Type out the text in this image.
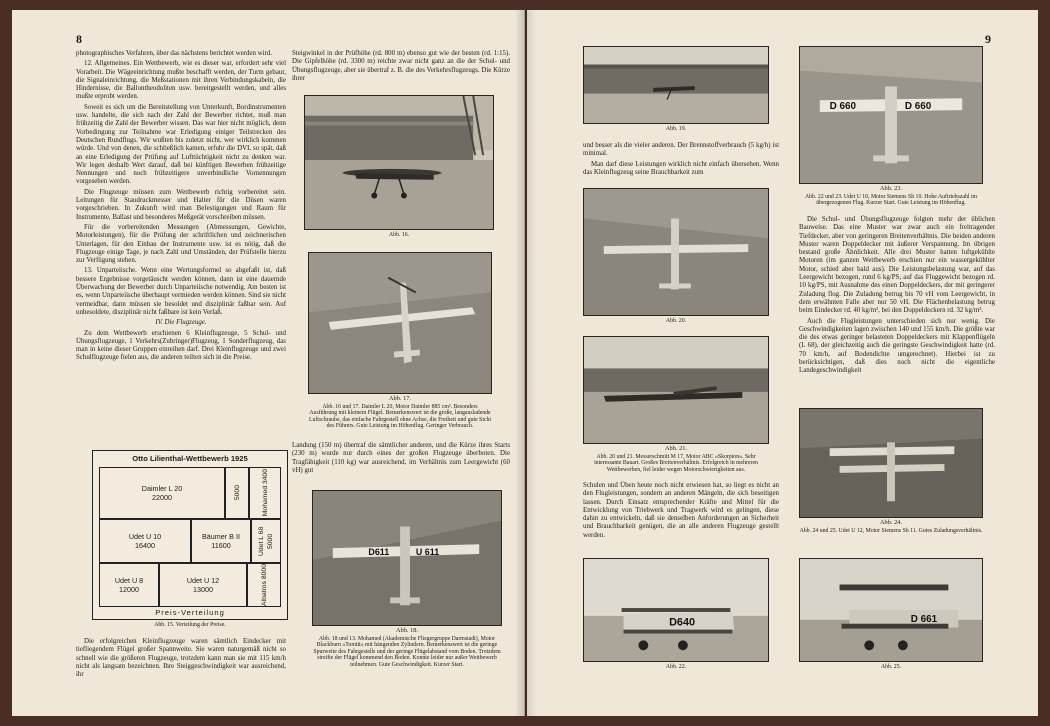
8

photographisches Verfahren, über das nächstens berichtet werden wird.

12. Allgemeines. Ein Wettbewerb, wie es dieser war, erfordert sehr viel Vorarbeit. Die Wägeeinrichtung mußte beschafft werden, der Turm gebaut, die Signaleinrichtung, die Meßstationen mit ihren Verbindungskabeln, die Hindernisse, die Ballontheodoliten usw. bereitgestellt werden, und alles mußte erprobt werden.

Soweit es sich um die Bereitstellung von Unterkunft, Bordinstrumenten usw. handelte, die sich nach der Zahl der Bewerber richtet, muß man frühzeitig die Zahl der Bewerber wissen. Das war hier nicht möglich, denn Vorbedingung zur Teilnahme war Erledigung einiger Teilstrecken des Deutschen Rundflugs. Wir wußten bis zuletzt nicht, wer wirklich kommen würde. Und von denen, die schließlich kamen, erfuhr die DVL so spät, daß an eine Erledigung der Prüfung auf Lufttüchtigkeit nicht zu denken war. Wir legen deshalb Wert darauf, daß bei künftigen Bewerben frühzeitige Nennungen und noch frühzeitigere unverbindliche Vornennungen vorgesehen werden.

Die Flugzeuge müssen zum Wettbewerb richtig vorbereitet sein. Leitungen für Staudruckmesser und Halter für die Düsen waren vorgeschrieben. In Zukunft wird man Befestigungen und Raum für Instrumente, Ballast und besonderes Meßgerät vorschreiben müssen.

Für die vorbereitenden Messungen (Abmessungen, Gewichte, Motorleistungen), für die Prüfung der schriftlichen und zeichnerischen Unterlagen, für den Einbau der Instrumente usw. ist es nötig, daß die Flugzeuge einige Tage, je nach Zahl und Umständen, der Prüfstelle hierzu zur Verfügung stehen.

13. Unparteiische. Wenn eine Wertungsformel so abgefaßt ist, daß bessere Ergebnisse vorgetäuscht werden können, dann ist eine dauernde Überwachung der Bewerber durch Unparteiische notwendig. Am besten ist es, wenn Unparteiische überhaupt vermieden werden können. Sind sie nicht vermeidbar, dann müssen sie besoldet und disziplinär faßbar sein. Auf unbesoldete, disziplinär nicht faßbare ist kein Verlaß.

IV. Die Flugzeuge.

Zu dem Wettbewerb erschienen 6 Kleinflugzeuge, 5 Schul- und Übungsflugzeuge, 1 Verkehrs(Zubringer)Flugzeug, 1 Sonderflugzeug, das man in keine dieser Gruppen einreihen darf. Drei Kleinflugzeuge und zwei Schulflugzeuge fielen aus, die anderen teilten sich in die Preise.

Otto Lilienthal-Wettbewerb 1925
Daimler L 20
22000	5000	Mohamed 3400
Udet U 10
16400
Bäumer B II
11600	Udet L 68 5000
Udet U 8
12000
Udet U 12
13000	Albatros 8000
Preis-Verteilung
Abb. 15. Verteilung der Preise.

Die erfolgreichen Kleinflugzeuge waren sämtlich Eindecker mit tiefliegendem Flügel großer Spannweite. Sie waren naturgemäß nicht so schnell wie die größeren Flugzeuge, trotzdem kann man sie mit 115 km/h nicht als langsam bezeichnen. Ihre Steiggeschwindigkeit war ausreichend, ihr

Steigwinkel in der Prüfhöhe (rd. 800 m) ebenso gut wie der besten (rd. 1:15). Die Gipfelhöhe (rd. 3300 m) reichte zwar nicht ganz an die der Schul- und Übungsflugzeuge, aber sie übertraf z. B. die des Verkehrsflugzeugs. Die Kürze ihrer

Abb. 16.
Abb. 17.
Abb. 16 und 17. Daimler L 20, Motor Daimler 885 cm³. Besonders Ausführung mit kleinem Flügel. Bemerkenswert ist die große, langausladende Luftschraube, das einfache Fahrgestell ohne Achse, die Freiheit und gute Sicht des Führers. Gute Leistung im Höhenflug. Geringer Verbrauch.

Landung (150 m) übertraf die sämtlicher anderen, und die Kürze ihres Starts (230 m) wurde nur durch eines der großen Flugzeuge überboten. Die Tragfähigkeit (110 kg) war ausreichend, im Verhältnis zum Leergewicht (60 vH) gut

D611	U 611
Abb. 18.
Abb. 18 und 13. Mohamed (Akademische Fliegergruppe Darmstadt), Motor Blackburn »Tomtit« mit hängenden Zylindern. Bemerkenswert ist die geringe Spurweite des Fahrgestells und der geringe Flügelabstand vom Boden. Trotzdem streifte der Flügel kommend den Boden. Konnte leider nur außer Wettbewerb teilnehmen. Gute Geschwindigkeit. Kurzer Start.
9
Abb. 19.

und besser als die vieler anderen. Der Brennstoffverbrauch (5 kg/h) ist minimal.

Man darf diese Leistungen wirklich nicht einfach übersehen. Wenn das Kleinflugzeug seine Brauchbarkeit zum

Abb. 20.
Abb. 21.
Abb. 20 und 21. Messerschmitt M 17, Motor ABC »Skorpion«. Sehr interessante Bauart. Großes Breitenverhältnis. Erfolgreich in mehreren Wettbewerben, fiel leider wegen Motorschwierigkeiten aus.

Schulen und Üben heute noch nicht erwiesen hat, so liegt es nicht an den Flugleistungen, sondern an anderen Mängeln, die sich beseitigen lassen. Durch Einsatz entsprechender Kräfte und Mittel für die Entwicklung von Triebwerk und Tragwerk wird es gelingen, diese dahin zu entwickeln, daß sie denselben Anforderungen an Sicherheit und Brauchbarkeit genügen, die an alle anderen Flugzeuge gestellt werden.

D640
Abb. 22.
D 660	D 660
Abb. 23.
Abb. 22 und 23. Udet U 10, Motor Siemens Sh 10. Hohe Auftriebszahl im übergezogenen Flug. Kurzer Start. Gute Leistung im Höhenflug.

Die Schul- und Übungsflugzeuge folgten mehr der üblichen Bauweise. Das eine Muster war zwar auch ein freitragender Tiefdecker, aber von geringeren Breitenverhältnis. Die beiden anderen Muster waren Doppeldecker mit äußerer Verspannung. Im übrigen bestand große Ähnlichkeit. Alle drei Muster hatten luftgekühlte Motoren (im ganzen Wettbewerb erschien nur ein wassergekühlter Motor, schied aber bald aus). Die Leistungsbelastung war, auf das Leergewicht bezogen, rund 6 kg/PS, auf das Fluggewicht bezogen rd. 10 kg/PS, mit Ausnahme des einen Doppeldeckers, der mit geringerer Zuladung flog. Die Zuladung betrug bis 70 vH vom Leergewicht, in dem erwähnten Falle aber nur 50 vH. Die Flächenbelastung betrug beim Eindecker rd. 40 kg/m², bei den Doppeldeckern rd. 32 kg/m².

Auch die Flugleistungen unterschieden sich nur wenig. Die Geschwindigkeiten lagen zwischen 140 und 155 km/h. Die größte war die des etwas geringer belasteten Doppeldeckers mit Klappenflügeln (L 68), der gleichzeitig auch die geringste Geschwindigkeit hatte (rd. 70 km/h, auf Bodendichte umgerechnet). Hierbei ist zu berücksichtigen, daß dies noch nicht die eigentliche Landegeschwindigkeit

Abb. 24.
Abb. 24 und 25. Udet U 12, Motor Siemens Sh 11. Gutes Zuladungsverhältnis.
D 661
Abb. 25.
